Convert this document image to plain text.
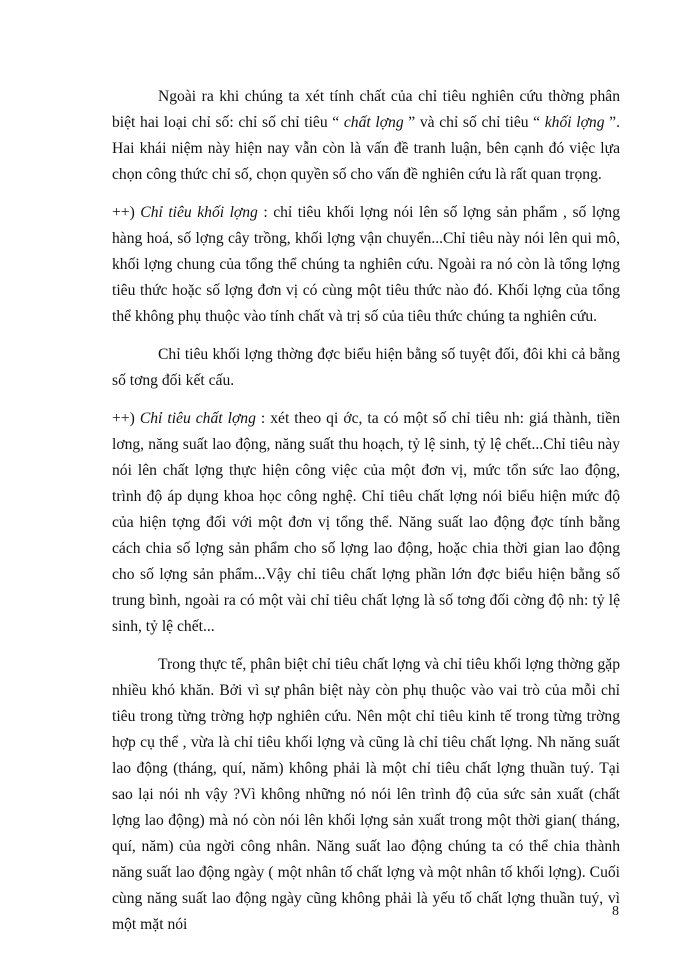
Ngoài ra khi chúng ta xét tính chất của chỉ tiêu nghiên cứu thờng phân biệt hai loại chỉ số: chỉ số chỉ tiêu “ chất lợng ” và chỉ số chỉ tiêu “ khối lợng ”. Hai khái niệm này hiện nay vẫn còn là vấn đề tranh luận, bên cạnh đó việc lựa chọn công thức chỉ số, chọn quyền số cho vấn đề nghiên cứu là rất quan trọng.

++) Chỉ tiêu khối lợng : chỉ tiêu khối lợng nói lên số lợng sản phẩm , số lợng hàng hoá, số lợng cây trồng, khối lợng vận chuyển...Chỉ tiêu này nói lên qui mô, khối lợng chung của tổng thể chúng ta nghiên cứu. Ngoài ra nó còn là tổng lợng tiêu thức hoặc số lợng đơn vị có cùng một tiêu thức nào đó. Khối lợng của tổng thể không phụ thuộc vào tính chất và trị số của tiêu thức chúng ta nghiên cứu.

Chỉ tiêu khối lợng thờng đợc biểu hiện bằng số tuyệt đối, đôi khi cả bằng số tơng đối kết cấu.

++) Chỉ tiêu chất lợng : xét theo qi ớc, ta có một số chỉ tiêu nh: giá thành, tiền lơng, năng suất lao động, năng suất thu hoạch, tỷ lệ sinh, tỷ lệ chết...Chỉ tiêu này nói lên chất lợng thực hiện công việc của một đơn vị, mức tổn sức lao động, trình độ áp dụng khoa học công nghệ. Chỉ tiêu chất lợng nói biểu hiện mức độ của hiện tợng đối với một đơn vị tổng thể. Năng suất lao động đợc tính bằng cách chia số lợng sản phẩm cho số lợng lao động, hoặc chia thời gian lao động cho số lợng sản phẩm...Vậy chỉ tiêu chất lợng phần lớn đợc biểu hiện bằng số trung bình, ngoài ra có một vài chỉ tiêu chất lợng là số tơng đối cờng độ nh: tỷ lệ sinh, tỷ lệ chết...

Trong thực tế, phân biệt chỉ tiêu chất lợng và chỉ tiêu khối lợng thờng gặp nhiều khó khăn. Bởi vì sự phân biệt này còn phụ thuộc vào vai trò của mỗi chỉ tiêu trong từng trờng hợp nghiên cứu. Nên một chỉ tiêu kinh tế trong từng trờng hợp cụ thể , vừa là chỉ tiêu khối lợng và cũng là chỉ tiêu chất lợng. Nh năng suất lao động (tháng, quí, năm) không phải là một chỉ tiêu chất lợng thuần tuý. Tại sao lại nói nh vậy ?Vì không những nó nói lên trình độ của sức sản xuất (chất lợng lao động) mà nó còn nói lên khối lợng sản xuất trong một thời gian( tháng, quí, năm) của ngời công nhân. Năng suất lao động chúng ta có thể chia thành năng suất lao động ngày ( một nhân tố chất lợng và một nhân tố khối lợng). Cuối cùng năng suất lao động ngày cũng không phải là yếu tố chất lợng thuần tuý, vì một mặt nói

8
